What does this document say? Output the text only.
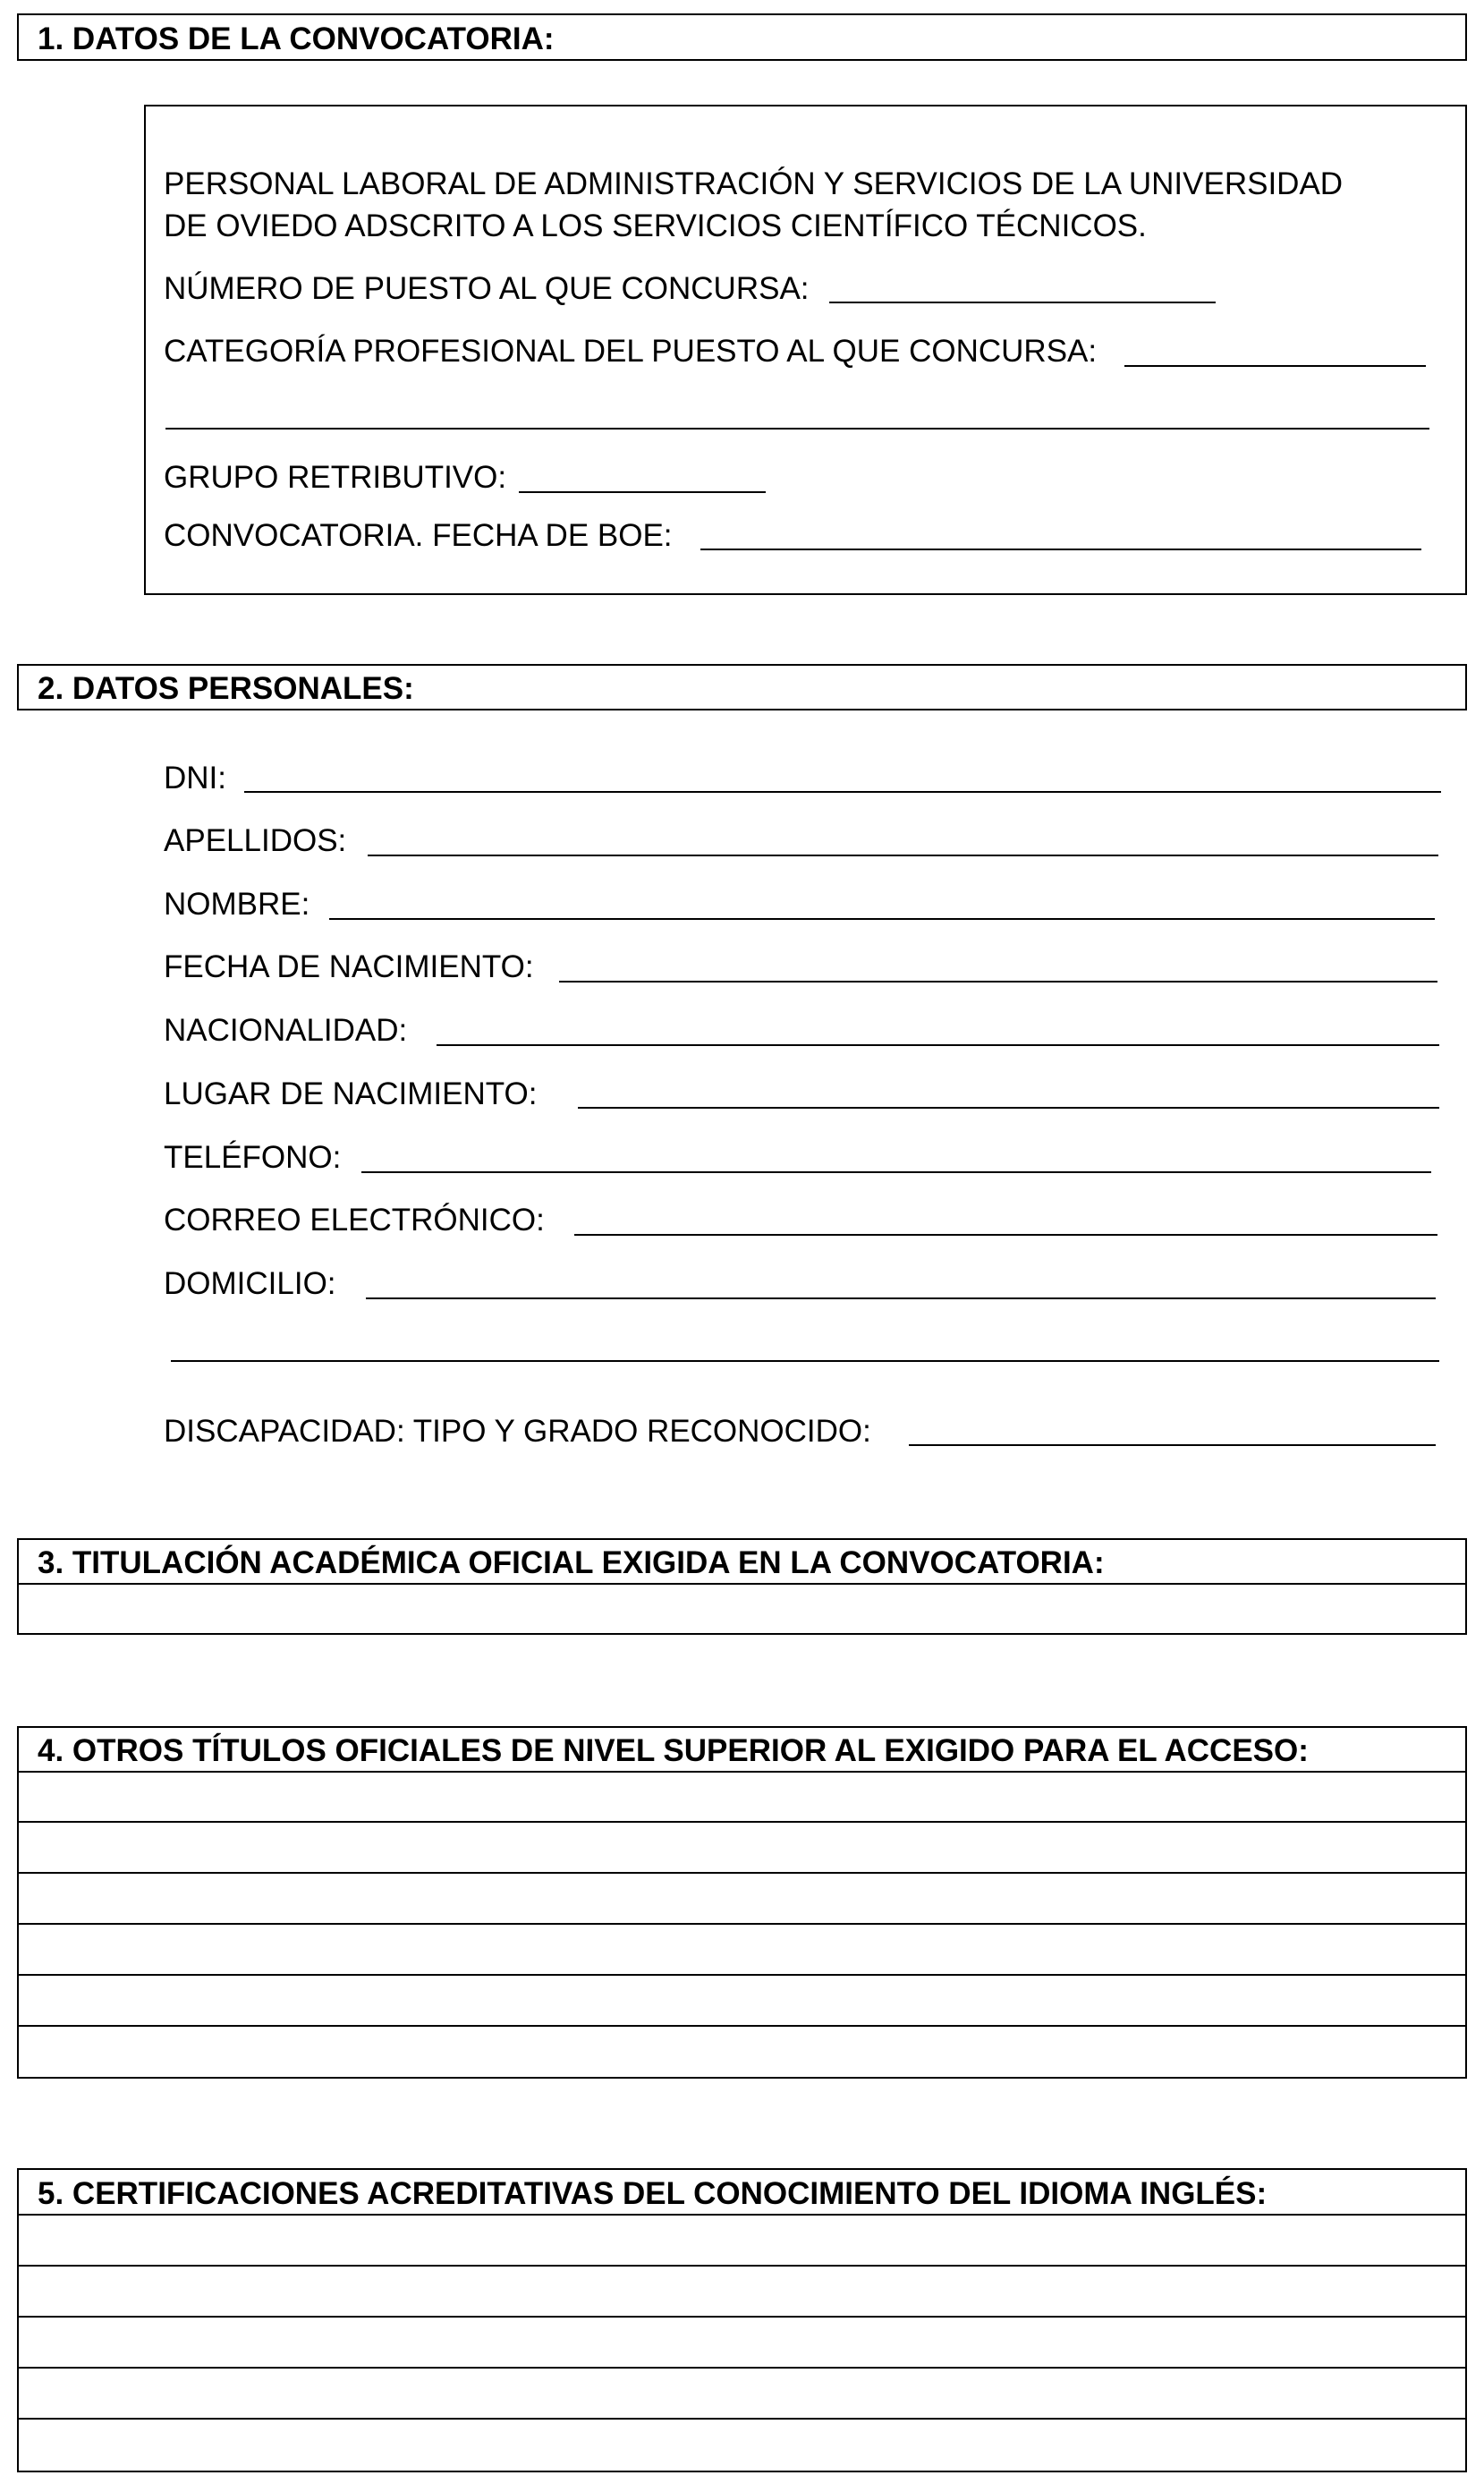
1. DATOS DE LA CONVOCATORIA:
PERSONAL LABORAL DE ADMINISTRACIÓN Y SERVICIOS DE LA UNIVERSIDAD
DE OVIEDO ADSCRITO A LOS SERVICIOS CIENTÍFICO TÉCNICOS.
NÚMERO DE PUESTO AL QUE CONCURSA:
CATEGORÍA PROFESIONAL DEL PUESTO AL QUE CONCURSA:
GRUPO RETRIBUTIVO:
CONVOCATORIA. FECHA DE BOE:
2. DATOS PERSONALES:
DNI:
APELLIDOS:
NOMBRE:
FECHA DE NACIMIENTO:
NACIONALIDAD:
LUGAR DE NACIMIENTO:
TELÉFONO:
CORREO ELECTRÓNICO:
DOMICILIO:
DISCAPACIDAD: TIPO Y GRADO RECONOCIDO:
3. TITULACIÓN ACADÉMICA OFICIAL EXIGIDA EN LA CONVOCATORIA:
4. OTROS TÍTULOS OFICIALES DE NIVEL SUPERIOR AL EXIGIDO PARA EL ACCESO:
5. CERTIFICACIONES ACREDITATIVAS DEL CONOCIMIENTO DEL IDIOMA INGLÉS:
